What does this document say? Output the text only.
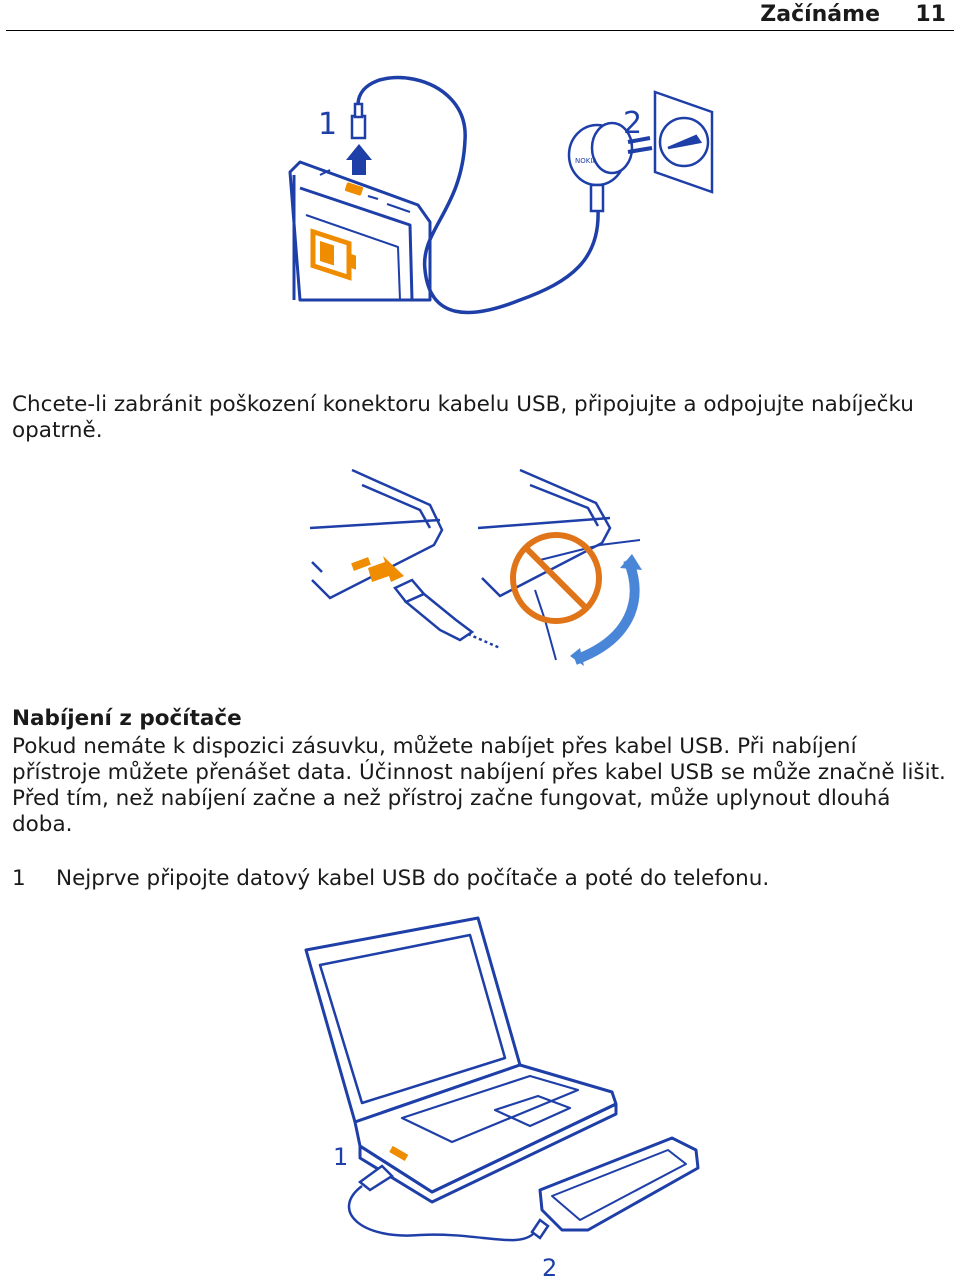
Začínáme 11
1
NOKIA
2
Chcete-li zabránit poškození konektoru kabelu USB, připojujte a odpojujte nabíječku opatrně.
Nabíjení z počítače
Pokud nemáte k dispozici zásuvku, můžete nabíjet přes kabel USB. Při nabíjení přístroje můžete přenášet data. Účinnost nabíjení přes kabel USB se může značně lišit. Před tím, než nabíjení začne a než přístroj začne fungovat, může uplynout dlouhá doba.
1 Nejprve připojte datový kabel USB do počítače a poté do telefonu.
1
2
